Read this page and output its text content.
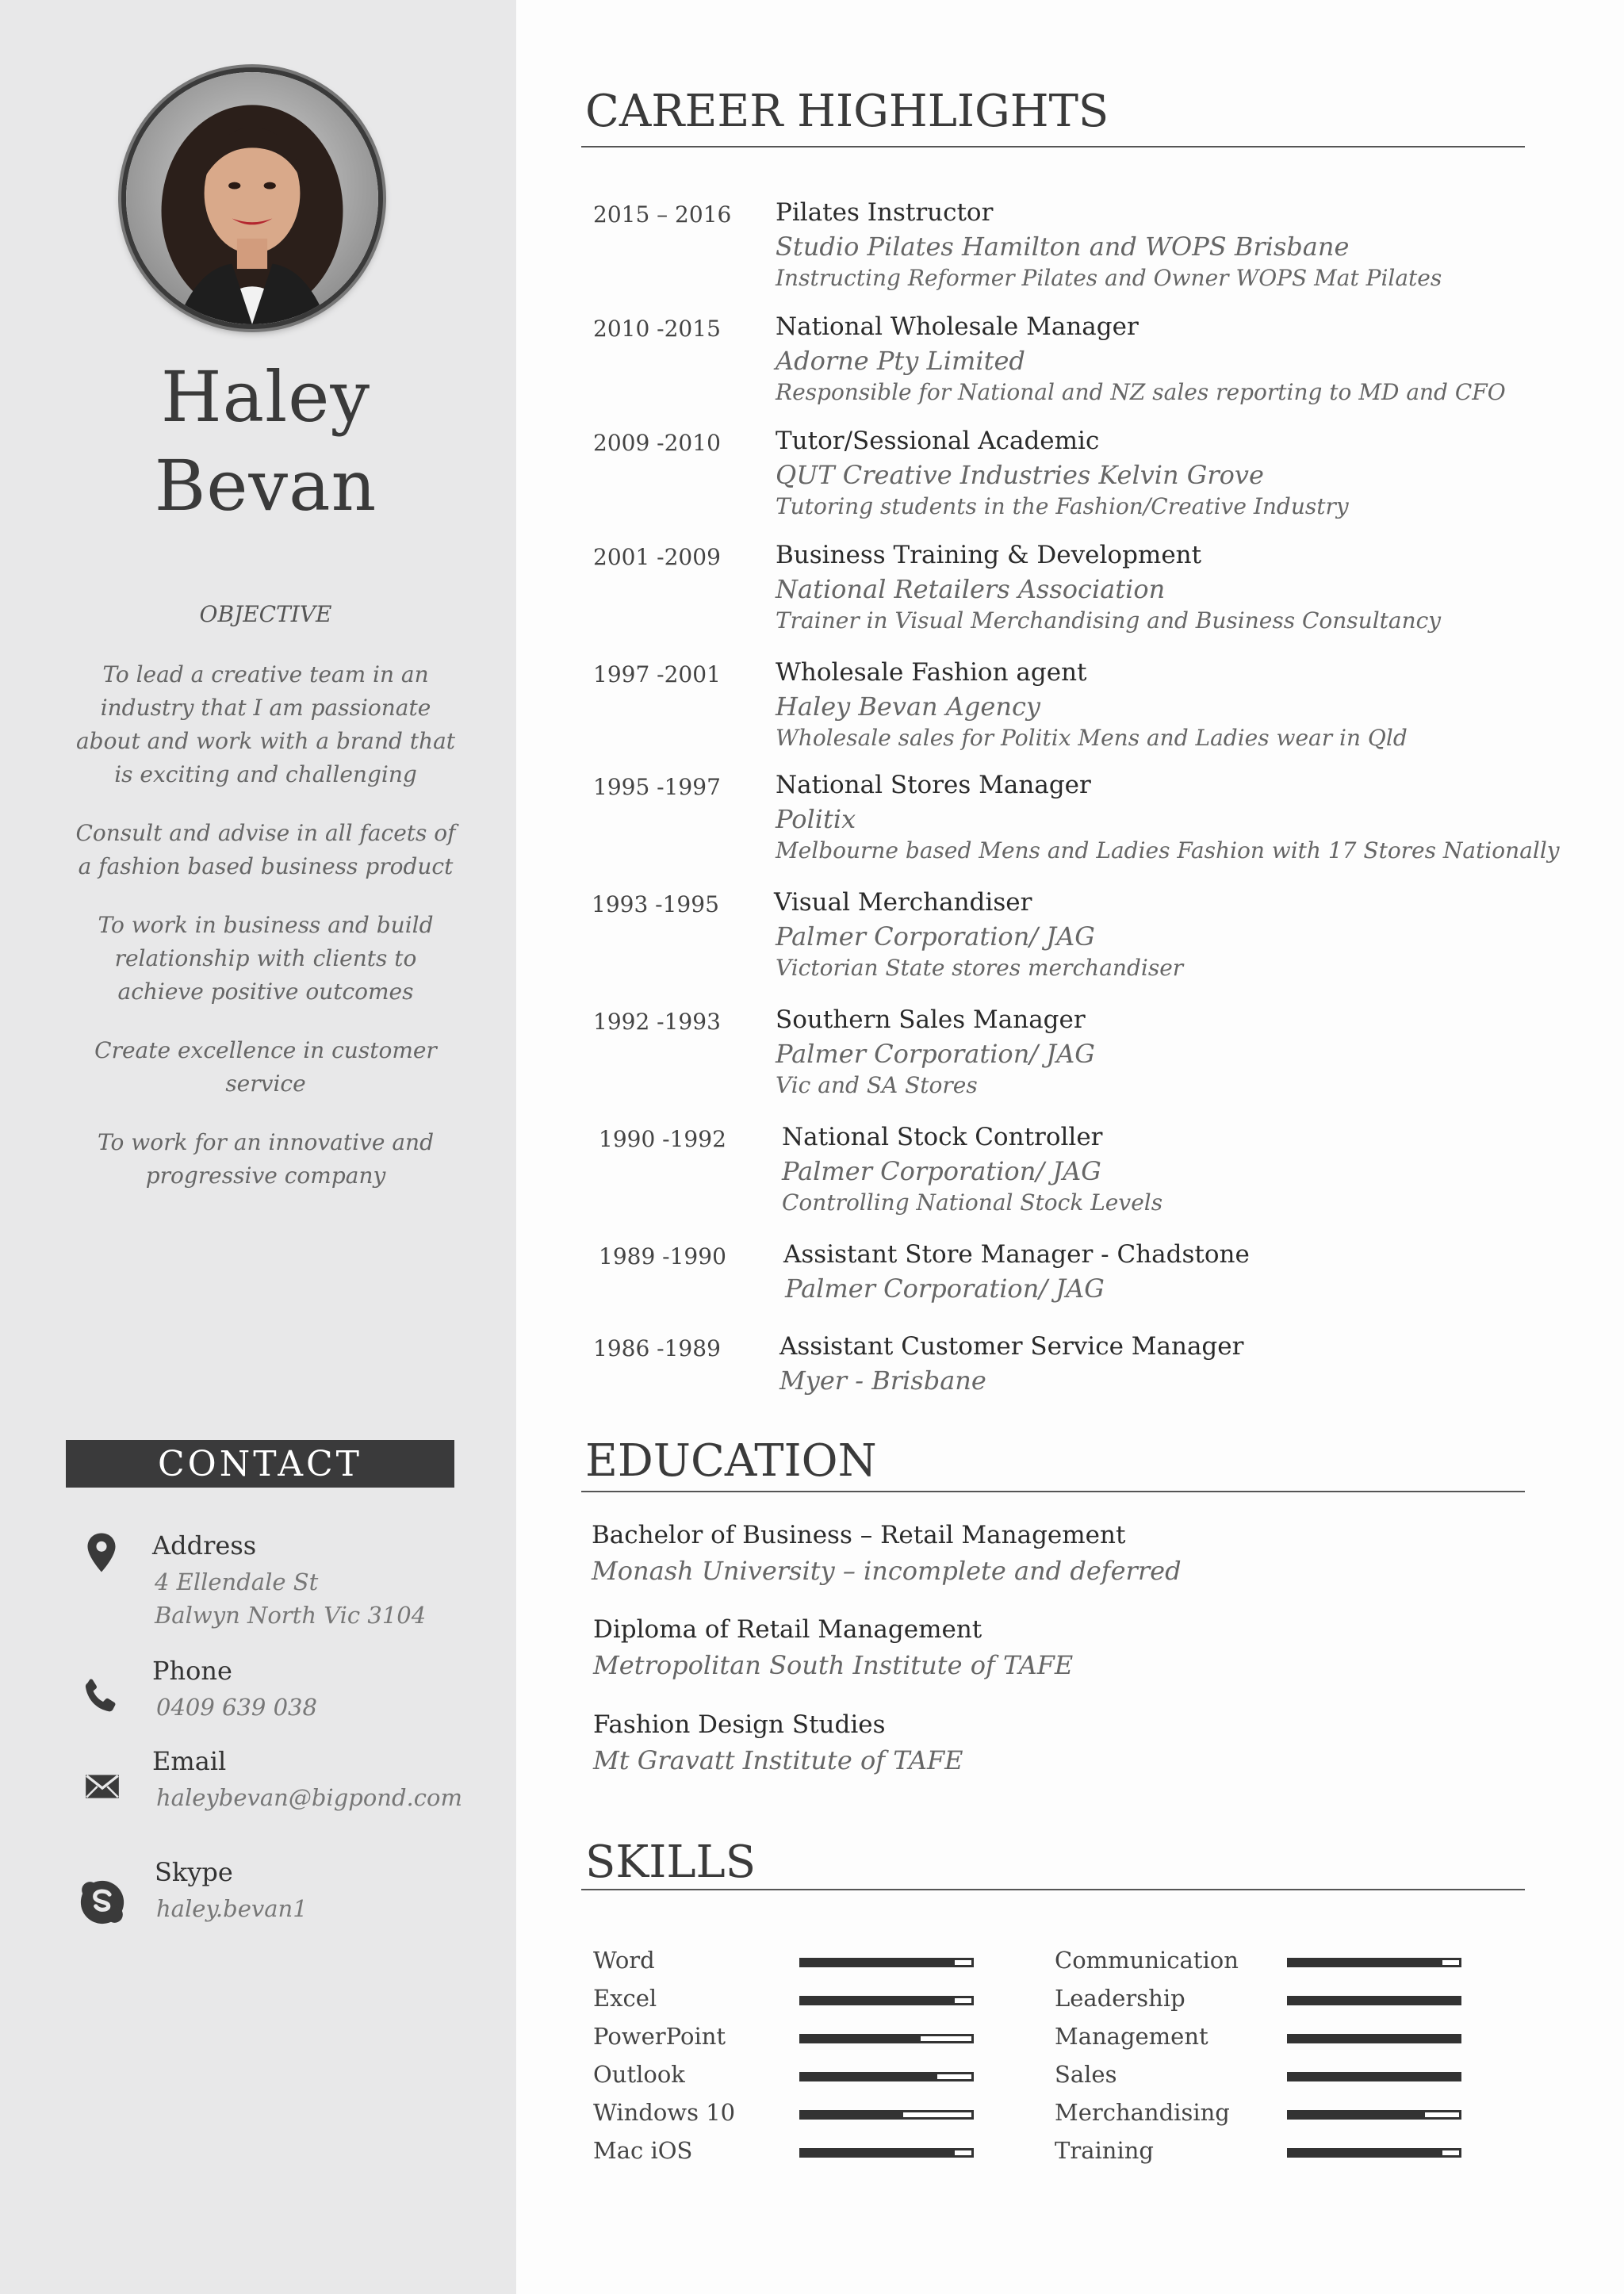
Haley
Bevan
OBJECTIVE

To lead a creative team in an industry that I am passionate about and work with a brand that is exciting and challenging

Consult and advise in all facets of a fashion based business product

To work in business and build relationship with clients to achieve positive outcomes

Create excellence in customer service

To work for an innovative and progressive company

CONTACT
Address
4 Ellendale St
Balwyn North Vic 3104
Phone
0409 639 038
Email
haleybevan@bigpond.com
Skype
haley.bevan1
CAREER HIGHLIGHTS
2015 – 2016 Pilates Instructor
Studio Pilates Hamilton and WOPS Brisbane
Instructing Reformer Pilates and Owner WOPS Mat Pilates
2010 -2015 National Wholesale Manager
Adorne Pty Limited
Responsible for National and NZ sales reporting to MD and CFO
2009 -2010 Tutor/Sessional Academic
QUT Creative Industries Kelvin Grove
Tutoring students in the Fashion/Creative Industry
2001 -2009 Business Training & Development
National Retailers Association
Trainer in Visual Merchandising and Business Consultancy
1997 -2001 Wholesale Fashion agent
Haley Bevan Agency
Wholesale sales for Politix Mens and Ladies wear in Qld
1995 -1997 National Stores Manager
Politix
Melbourne based Mens and Ladies Fashion with 17 Stores Nationally
1993 -1995 Visual Merchandiser
Palmer Corporation/ JAG
Victorian State stores merchandiser
1992 -1993 Southern Sales Manager
Palmer Corporation/ JAG
Vic and SA Stores
1990 -1992 National Stock Controller
Palmer Corporation/ JAG
Controlling National Stock Levels
1989 -1990 Assistant Store Manager - Chadstone
Palmer Corporation/ JAG
1986 -1989 Assistant Customer Service Manager
Myer - Brisbane
EDUCATION
Bachelor of Business – Retail Management
Monash University – incomplete and deferred
Diploma of Retail Management
Metropolitan South Institute of TAFE
Fashion Design Studies
Mt Gravatt Institute of TAFE
SKILLS
Word
Excel
PowerPoint
Outlook
Windows 10
Mac iOS
Communication
Leadership
Management
Sales
Merchandising
Training
